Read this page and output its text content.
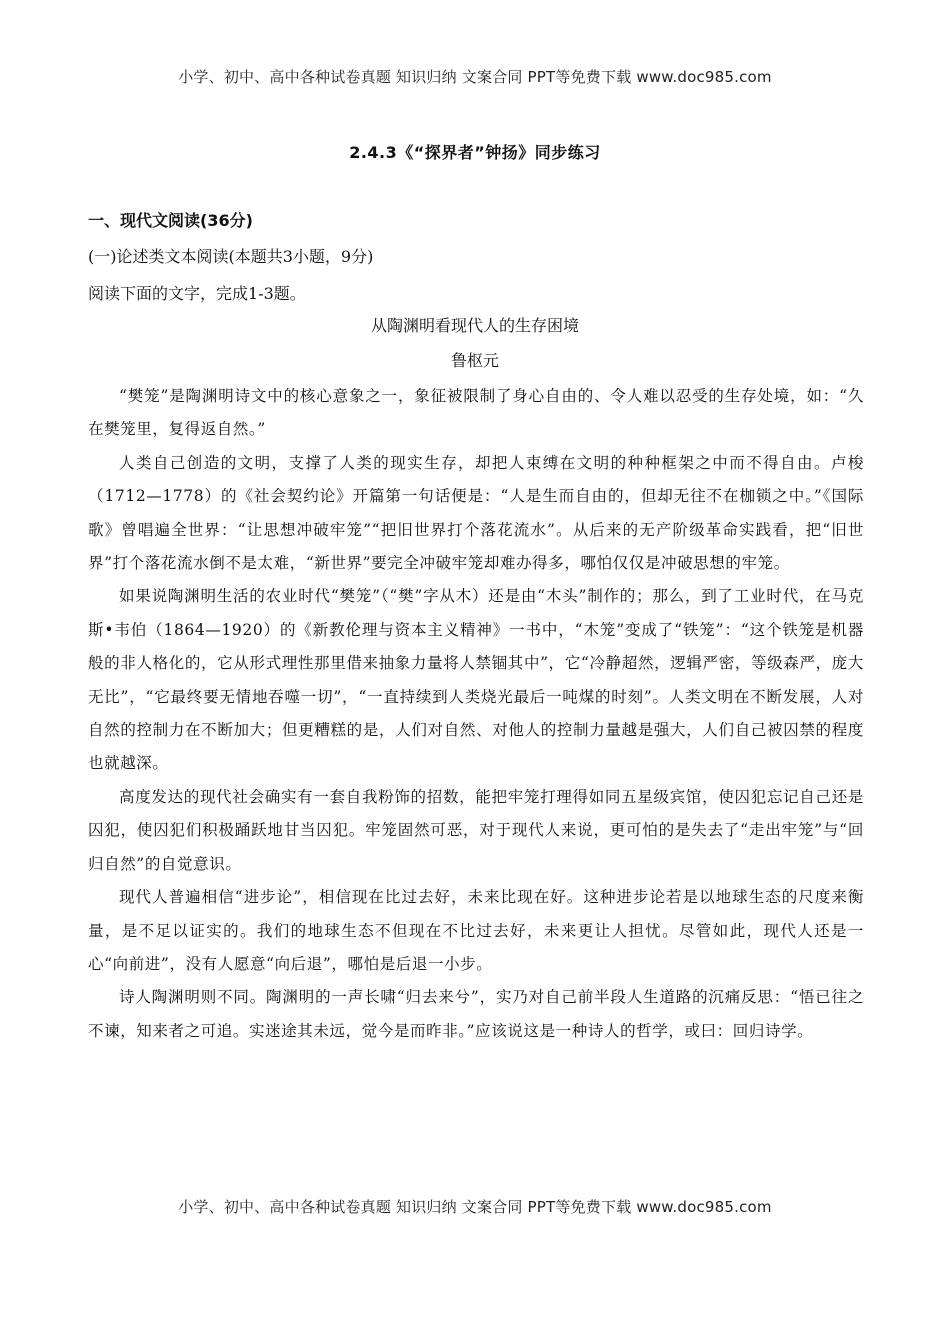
小学、初中、高中各种试卷真题 知识归纳 文案合同 PPT等免费下载 www.doc985.com
2.4.3《“探界者”钟扬》同步练习
一、现代文阅读(36分)
(一)论述类文本阅读(本题共3小题，9分)
阅读下面的文字，完成1-3题。
从陶渊明看现代人的生存困境
鲁枢元

“樊笼”是陶渊明诗文中的核心意象之一，象征被限制了身心自由的、令人难以忍受的生存处境，如：“久在樊笼里，复得返自然。”

人类自己创造的文明，支撑了人类的现实生存，却把人束缚在文明的种种框架之中而不得自由。卢梭（1712—1778）的《社会契约论》开篇第一句话便是：“人是生而自由的，但却无往不在枷锁之中。”《国际歌》曾唱遍全世界：“让思想冲破牢笼”“把旧世界打个落花流水”。从后来的无产阶级革命实践看，把“旧世界”打个落花流水倒不是太难，“新世界”要完全冲破牢笼却难办得多，哪怕仅仅是冲破思想的牢笼。

如果说陶渊明生活的农业时代“樊笼”（“樊”字从木）还是由“木头”制作的；那么，到了工业时代，在马克斯•韦伯（1864—1920）的《新教伦理与资本主义精神》一书中，“木笼”变成了“铁笼”：“这个铁笼是机器般的非人格化的，它从形式理性那里借来抽象力量将人禁锢其中”，它“冷静超然，逻辑严密，等级森严，庞大无比”，“它最终要无情地吞噬一切”，“一直持续到人类烧光最后一吨煤的时刻”。人类文明在不断发展，人对自然的控制力在不断加大；但更糟糕的是，人们对自然、对他人的控制力量越是强大，人们自己被囚禁的程度也就越深。

高度发达的现代社会确实有一套自我粉饰的招数，能把牢笼打理得如同五星级宾馆，使囚犯忘记自己还是囚犯，使囚犯们积极踊跃地甘当囚犯。牢笼固然可恶，对于现代人来说，更可怕的是失去了“走出牢笼”与“回归自然”的自觉意识。

现代人普遍相信“进步论”，相信现在比过去好，未来比现在好。这种进步论若是以地球生态的尺度来衡量，是不足以证实的。我们的地球生态不但现在不比过去好，未来更让人担忧。尽管如此，现代人还是一心“向前进”，没有人愿意“向后退”，哪怕是后退一小步。

诗人陶渊明则不同。陶渊明的一声长啸“归去来兮”，实乃对自己前半段人生道路的沉痛反思：“悟已往之不谏，知来者之可追。实迷途其未远，觉今是而昨非。”应该说这是一种诗人的哲学，或曰：回归诗学。

小学、初中、高中各种试卷真题 知识归纳 文案合同 PPT等免费下载 www.doc985.com
